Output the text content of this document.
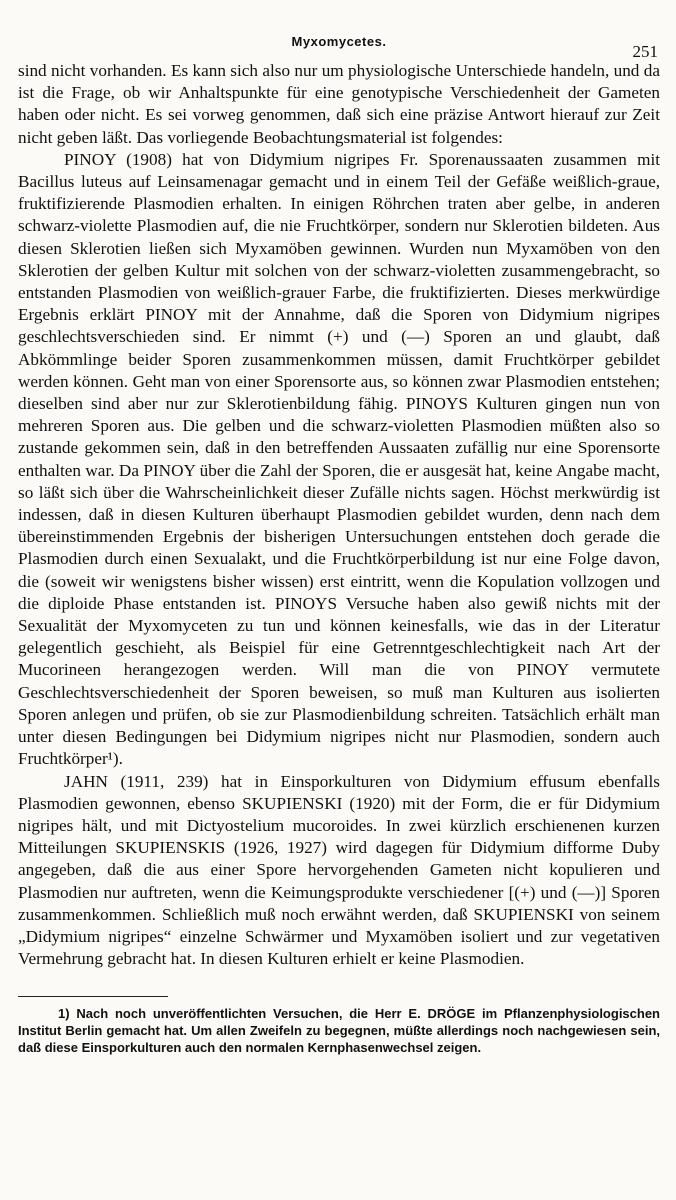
Myxomycetes.
251

sind nicht vorhanden. Es kann sich also nur um physiologische Unterschiede handeln, und da ist die Frage, ob wir Anhaltspunkte für eine genotypische Verschiedenheit der Gameten haben oder nicht. Es sei vorweg genommen, daß sich eine präzise Antwort hierauf zur Zeit nicht geben läßt. Das vorliegende Beobachtungsmaterial ist folgendes:

PINOY (1908) hat von Didymium nigripes Fr. Sporenaussaaten zusammen mit Bacillus luteus auf Leinsamenagar gemacht und in einem Teil der Gefäße weißlich-graue, fruktifizierende Plasmodien erhalten. In einigen Röhrchen traten aber gelbe, in anderen schwarz-violette Plasmodien auf, die nie Fruchtkörper, sondern nur Sklerotien bildeten. Aus diesen Sklerotien ließen sich Myxamöben gewinnen. Wurden nun Myxamöben von den Sklerotien der gelben Kultur mit solchen von der schwarz-violetten zusammengebracht, so entstanden Plasmodien von weißlich-grauer Farbe, die fruktifizierten. Dieses merkwürdige Ergebnis erklärt PINOY mit der Annahme, daß die Sporen von Didymium nigripes geschlechtsverschieden sind. Er nimmt (+) und (—) Sporen an und glaubt, daß Abkömmlinge beider Sporen zusammenkommen müssen, damit Fruchtkörper gebildet werden können. Geht man von einer Sporensorte aus, so können zwar Plasmodien entstehen; dieselben sind aber nur zur Sklerotienbildung fähig. PINOYS Kulturen gingen nun von mehreren Sporen aus. Die gelben und die schwarz-violetten Plasmodien müßten also so zustande gekommen sein, daß in den betreffenden Aussaaten zufällig nur eine Sporensorte enthalten war. Da PINOY über die Zahl der Sporen, die er ausgesät hat, keine Angabe macht, so läßt sich über die Wahrscheinlichkeit dieser Zufälle nichts sagen. Höchst merkwürdig ist indessen, daß in diesen Kulturen überhaupt Plasmodien gebildet wurden, denn nach dem übereinstimmenden Ergebnis der bisherigen Untersuchungen entstehen doch gerade die Plasmodien durch einen Sexualakt, und die Fruchtkörperbildung ist nur eine Folge davon, die (soweit wir wenigstens bisher wissen) erst eintritt, wenn die Kopulation vollzogen und die diploide Phase entstanden ist. PINOYS Versuche haben also gewiß nichts mit der Sexualität der Myxomyceten zu tun und können keinesfalls, wie das in der Literatur gelegentlich geschieht, als Beispiel für eine Getrenntgeschlechtigkeit nach Art der Mucorineen herangezogen werden. Will man die von PINOY vermutete Geschlechtsverschiedenheit der Sporen beweisen, so muß man Kulturen aus isolierten Sporen anlegen und prüfen, ob sie zur Plasmodienbildung schreiten. Tatsächlich erhält man unter diesen Bedingungen bei Didymium nigripes nicht nur Plasmodien, sondern auch Fruchtkörper¹).

JAHN (1911, 239) hat in Einsporkulturen von Didymium effusum ebenfalls Plasmodien gewonnen, ebenso SKUPIENSKI (1920) mit der Form, die er für Didymium nigripes hält, und mit Dictyostelium mucoroides. In zwei kürzlich erschienenen kurzen Mitteilungen SKUPIENSKIS (1926, 1927) wird dagegen für Didymium difforme Duby angegeben, daß die aus einer Spore hervorgehenden Gameten nicht kopulieren und Plasmodien nur auftreten, wenn die Keimungsprodukte verschiedener [(+) und (—)] Sporen zusammenkommen. Schließlich muß noch erwähnt werden, daß SKUPIENSKI von seinem „Didymium nigripes“ einzelne Schwärmer und Myxamöben isoliert und zur vegetativen Vermehrung gebracht hat. In diesen Kulturen erhielt er keine Plasmodien.

1) Nach noch unveröffentlichten Versuchen, die Herr E. DRÖGE im Pflanzenphysiologischen Institut Berlin gemacht hat. Um allen Zweifeln zu begegnen, müßte allerdings noch nachgewiesen sein, daß diese Einsporkulturen auch den normalen Kernphasenwechsel zeigen.
